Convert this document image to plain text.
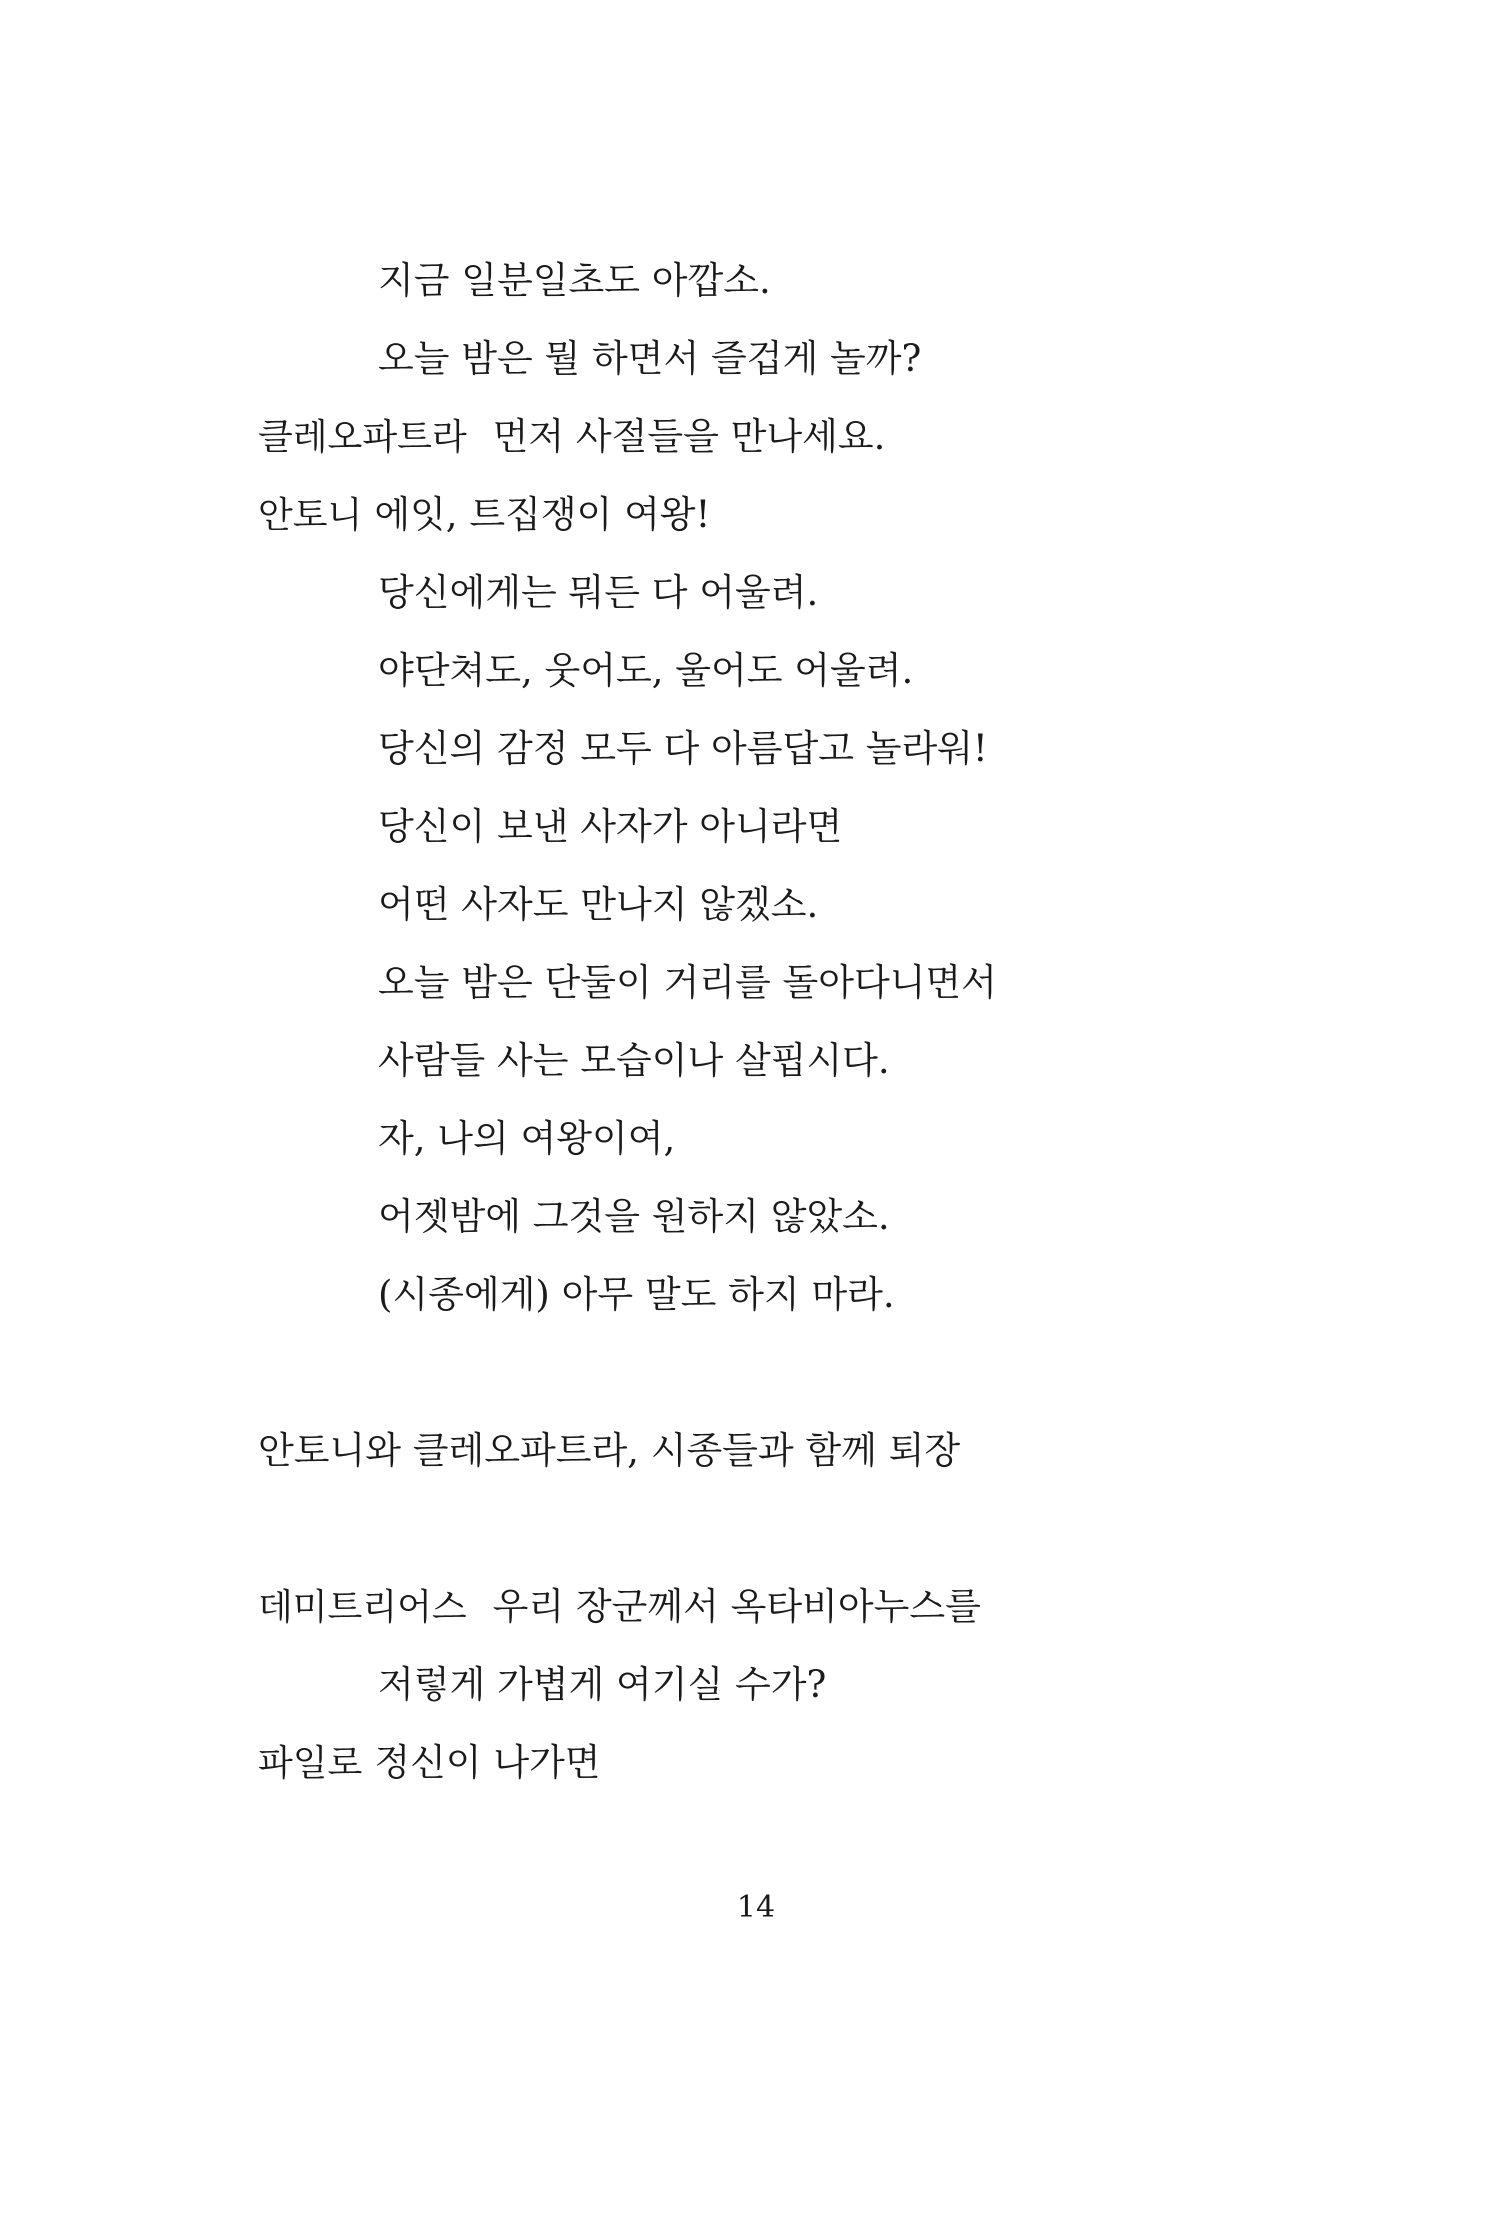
지금 일분일초도 아깝소.
오늘 밤은 뭘 하면서 즐겁게 놀까?
클레오파트라 먼저 사절들을 만나세요.
안토니 에잇, 트집쟁이 여왕!
당신에게는 뭐든 다 어울려.
야단쳐도, 웃어도, 울어도 어울려.
당신의 감정 모두 다 아름답고 놀라워!
당신이 보낸 사자가 아니라면
어떤 사자도 만나지 않겠소.
오늘 밤은 단둘이 거리를 돌아다니면서
사람들 사는 모습이나 살핍시다.
자, 나의 여왕이여,
어젯밤에 그것을 원하지 않았소.
(시종에게) 아무 말도 하지 마라.
안토니와 클레오파트라, 시종들과 함께 퇴장
데미트리어스 우리 장군께서 옥타비아누스를
저렇게 가볍게 여기실 수가?
파일로 정신이 나가면
14
